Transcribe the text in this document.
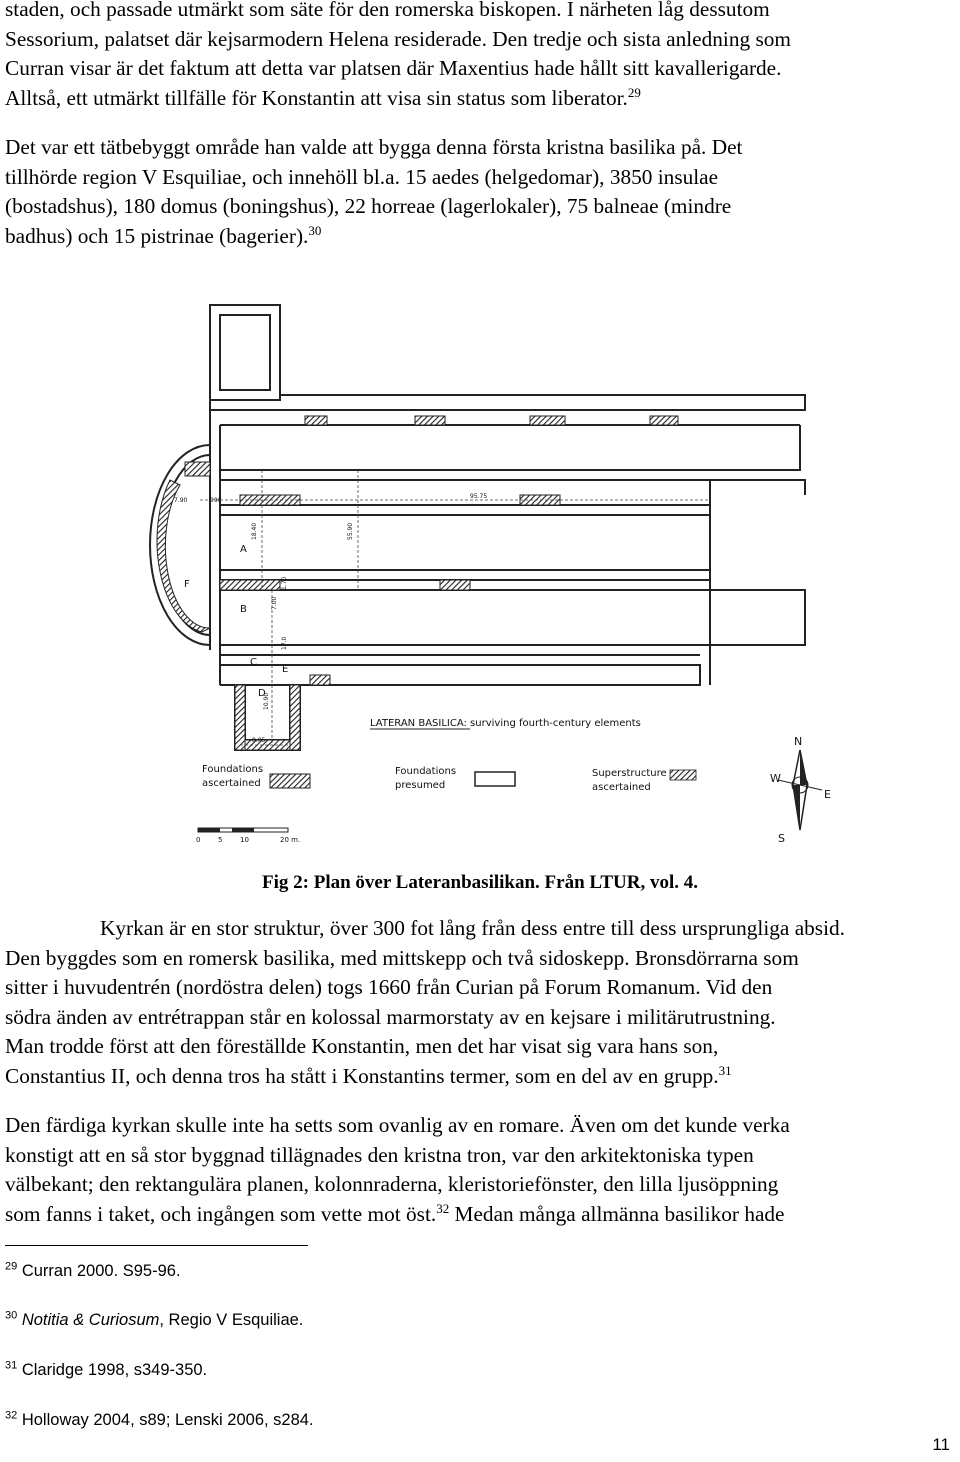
staden, och passade utmärkt som säte för den romerska biskopen. I närheten låg dessutom
Sessorium, palatset där kejsarmodern Helena residerade. Den tredje och sista anledning som
Curran visar är det faktum att detta var platsen där Maxentius hade hållt sitt kavallerigarde.
Alltså, ett utmärkt tillfälle för Konstantin att visa sin status som liberator.$^{29}$
Det var ett tätbebyggt område han valde att bygga denna första kristna basilika på. Det
tillhörde region V Esquiliae, och innehöll bl.a. 15 aedes (helgedomar), 3850 insulae
(bostadshus), 180 domus (boningshus), 22 horreae (lagerlokaler), 75 balneae (mindre
badhus) och 15 pistrinae (bagerier).$^{30}$
7.90	090
95.75
18.40	55.90
1.70
7.00
17.0
10.90
8.05
A
B
C
D
E
F
LATERAN BASILICA: surviving fourth-century elements
Foundations
ascertained
Foundations
presumed
Superstructure
ascertained
N
E
S
W
0	5	10	20 m.
Fig 2: Plan över Lateranbasilikan. Från LTUR, vol. 4.
Kyrkan är en stor struktur, över 300 fot lång från dess entre till dess ursprungliga absid.
Den byggdes som en romersk basilika, med mittskepp och två sidoskepp. Bronsdörrarna som
sitter i huvudentrén (nordöstra delen) togs 1660 från Curian på Forum Romanum. Vid den
södra änden av entrétrappan står en kolossal marmorstaty av en kejsare i militärutrustning.
Man trodde först att den föreställde Konstantin, men det har visat sig vara hans son,
Constantius II, och denna tros ha stått i Konstantins termer, som en del av en grupp.$^{31}$
Den färdiga kyrkan skulle inte ha setts som ovanlig av en romare. Även om det kunde verka
konstigt att en så stor byggnad tillägnades den kristna tron, var den arkitektoniska typen
välbekant; den rektangulära planen, kolonnraderna, kleristoriefönster, den lilla ljusöppning
som fanns i taket, och ingången som vette mot öst.$^{32}$ Medan många allmänna basilikor hade
$^{29}$ Curran 2000. S95-96.
$^{30}$ Notitia & Curiosum, Regio V Esquiliae.
$^{31}$ Claridge 1998, s349-350.
$^{32}$ Holloway 2004, s89; Lenski 2006, s284.
11
